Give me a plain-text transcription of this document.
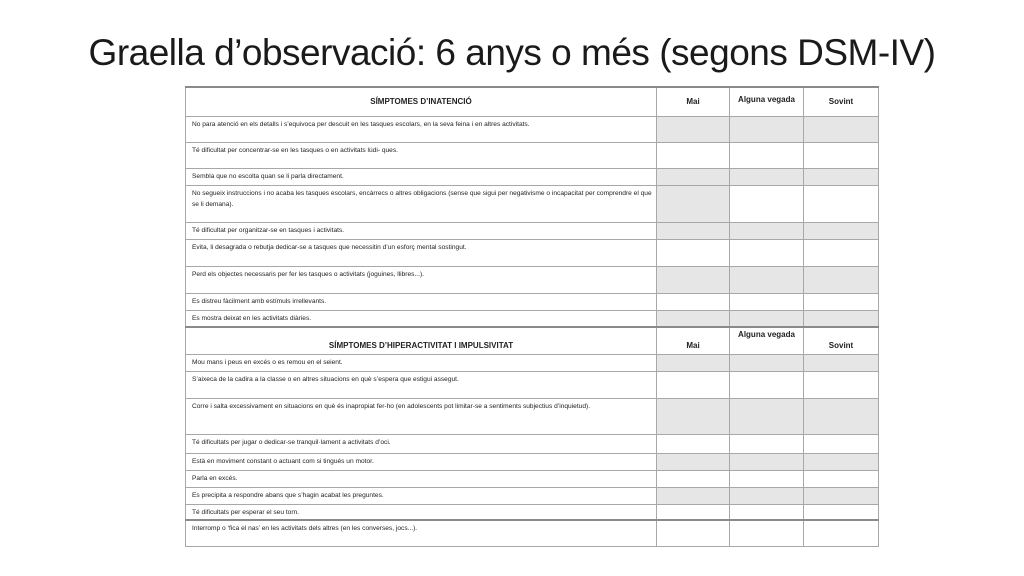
Graella d’observació: 6 anys o més (segons DSM-IV)
SÍMPTOMES D’INATENCIÓ	Mai	Alguna vegada	Sovint
No para atenció en els detalls i s’equivoca per descuit en les tasques escolars, en la seva feina i en altres activitats.			
Té dificultat per concentrar-se en les tasques o en activitats lúdi- ques.			
Sembla que no escolta quan se li parla directament.			
No segueix instruccions i no acaba les tasques escolars, encàrrecs o altres obligacions (sense que sigui per negativisme o incapacitat per comprendre el que se li demana).			
Té dificultat per organitzar-se en tasques i activitats.			
Evita, li desagrada o rebutja dedicar-se a tasques que necessitin d’un esforç mental sostingut.			
Perd els objectes necessaris per fer les tasques o activitats (joguines, llibres...).			
Es distreu fàcilment amb estímuls irrellevants.			
Es mostra deixat en les activitats diàries.			
SÍMPTOMES D’HIPERACTIVITAT I IMPULSIVITAT	Mai	Alguna vegada	Sovint
Mou mans i peus en excés o es remou en el seient.			
S’aixeca de la cadira a la classe o en altres situacions en què s’espera que estigui assegut.			
Corre i salta excessivament en situacions en què és inapropiat fer-ho (en adolescents pot limitar-se a sentiments subjectius d’inquietud).			
Té dificultats per jugar o dedicar-se tranquil·lament a activitats d’oci.			
Està en moviment constant o actuant com si tingués un motor.			
Parla en excés.			
Es precipita a respondre abans que s’hagin acabat les preguntes.			
Té dificultats per esperar el seu torn.			
Interromp o ‘fica el nas’ en les activitats dels altres (en les converses, jocs...).			
